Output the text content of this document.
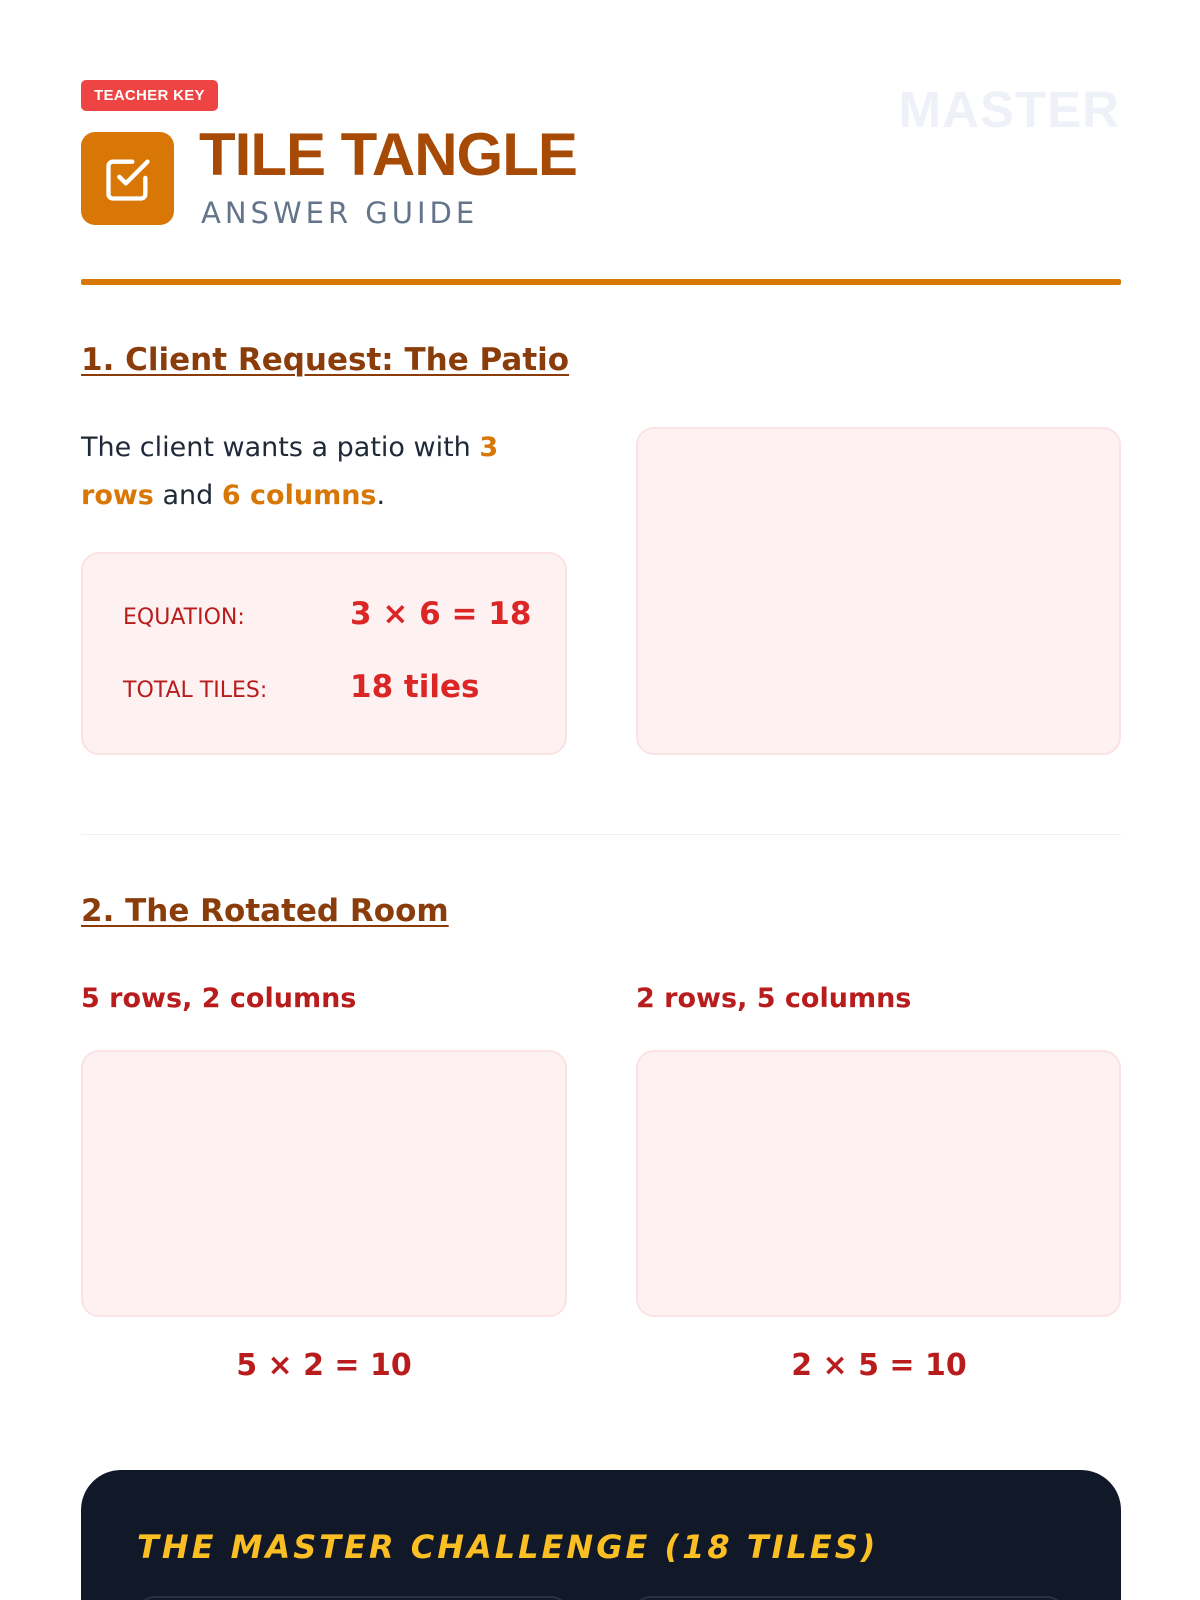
TEACHER KEY	MASTER
TILE TANGLE
ANSWER GUIDE
1. Client Request: The Patio
The client wants a patio with 3 rows and 6 columns.
EQUATION:	3 × 6 = 18
TOTAL TILES:	18 tiles
2. The Rotated Room
5 rows, 2 columns	2 rows, 5 columns
5 × 2 = 10	2 × 5 = 10
THE MASTER CHALLENGE (18 TILES)
